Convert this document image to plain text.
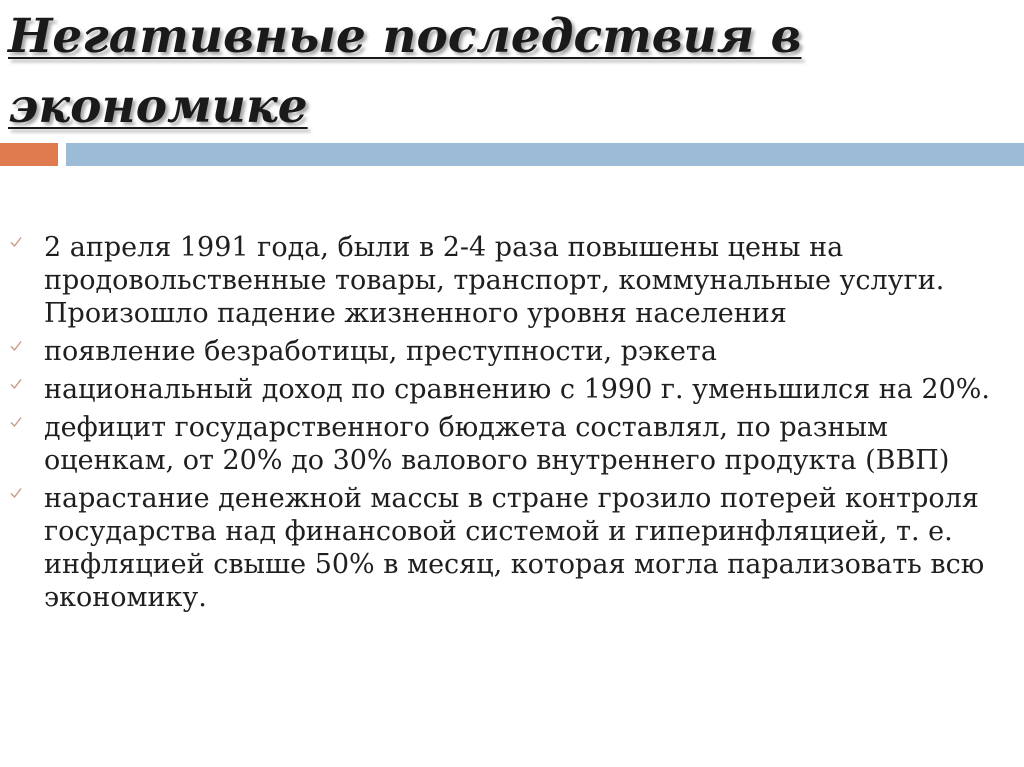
Негативные последствия в экономике
2 апреля 1991 года, были в 2-4 раза повышены цены на продовольственные товары, транспорт, коммунальные услуги. Произошло падение жизненного уровня населения
появление безработицы, преступности, рэкета
национальный доход по сравнению с 1990 г. уменьшился на 20%.
дефицит государственного бюджета составлял, по разным оценкам, от 20% до 30% валового внутреннего продукта (ВВП)
нарастание денежной массы в стране грозило потерей контроля государства над финансовой системой и гиперинфляцией, т. е. инфляцией свыше 50% в месяц, которая могла парализовать всю экономику.
